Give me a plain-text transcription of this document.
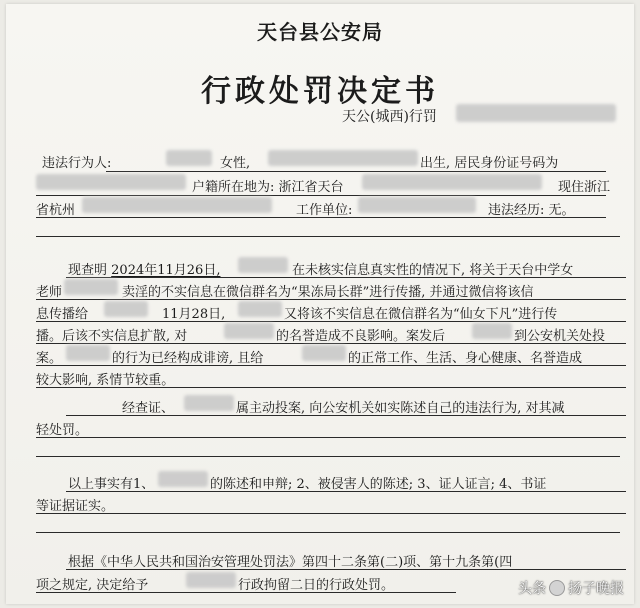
天台县公安局
行政处罚决定书
天公(城西)行罚
违法行为人:	女性,	出生, 居民身份证号码为
户籍所在地为: 浙江省天台	现住浙江
省杭州	工作单位:	违法经历: 无。
现查明 2024年11月26日,	在未核实信息真实性的情况下, 将关于天台中学女
老师	卖淫的不实信息在微信群名为“果冻局长群”进行传播, 并通过微信将该信
息传播给	11月28日,	又将该不实信息在微信群名为“仙女下凡”进行传
播。后该不实信息扩散, 对	的名誉造成不良影响。案发后	到公安机关处投
案。	的行为已经构成诽谤, 且给	的正常工作、生活、身心健康、名誉造成
较大影响, 系情节较重。
经查证、	属主动投案, 向公安机关如实陈述自己的违法行为, 对其减
轻处罚。
以上事实有1、	的陈述和申辩; 2、被侵害人的陈述; 3、证人证言; 4、书证
等证据证实。
根据《中华人民共和国治安管理处罚法》第四十二条第(二)项、第十九条第(四
项之规定, 决定给予	行政拘留二日的行政处罚。	头条 扬子晚报
